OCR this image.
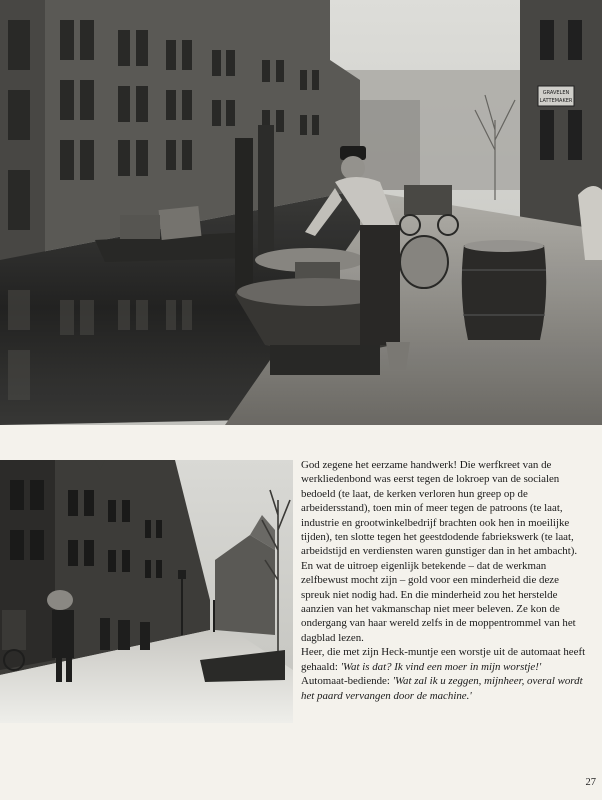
GRAVELEN
LATTEMAKER

God zegene het eerzame handwerk! Die werfkreet van de werkliedenbond was eerst tegen de lokroep van de socialen bedoeld (te laat, de kerken verloren hun greep op de arbeidersstand), toen min of meer tegen de patroons (te laat, industrie en grootwinkelbedrijf brachten ook hen in moeilijke tijden), ten slotte tegen het geestdodende fabriekswerk (te laat, arbeidstijd en verdiensten waren gunstiger dan in het ambacht). En wat de uitroep eigenlijk betekende – dat de werkman zelfbewust mocht zijn – gold voor een minderheid die deze spreuk niet nodig had. En die minderheid zou het herstelde aanzien van het vakmanschap niet meer beleven. Ze kon de ondergang van haar wereld zelfs in de moppentrommel van het dagblad lezen.

Heer, die met zijn Heck-muntje een worstje uit de automaat heeft gehaald: 'Wat is dat? Ik vind een moer in mijn worstje!'

Automaat-bediende: 'Wat zal ik u zeggen, mijnheer, overal wordt het paard vervangen door de machine.'

27
